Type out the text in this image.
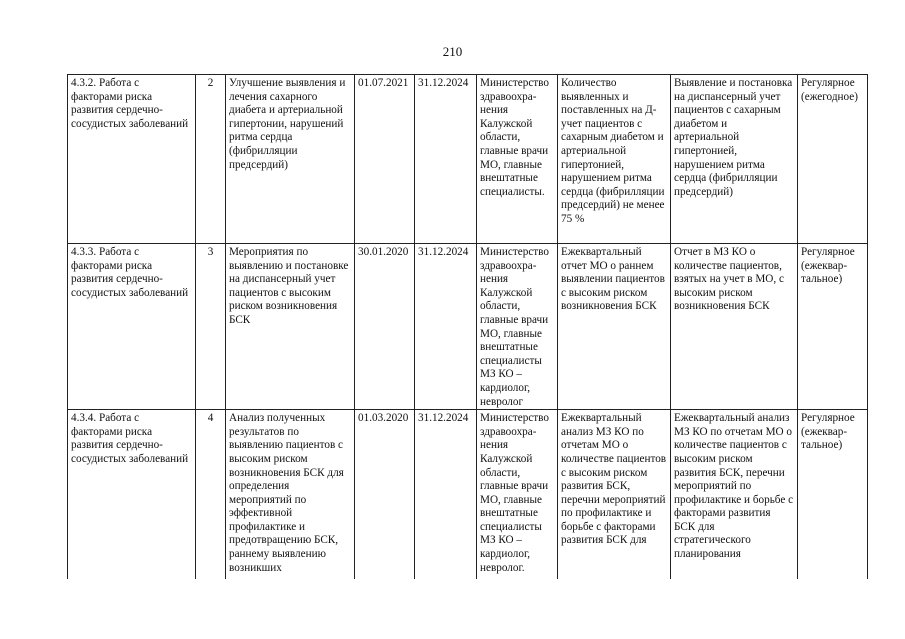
210
4.3.2. Работа с факторами риска развития сердечно-сосудистых заболеваний	2	Улучшение выявления и лечения сахарного диабета и артериальной гипертонии, нарушений ритма сердца (фибрилляции предсердий)	01.07.2021	31.12.2024	Министерство здравоохра-нения Калужской области, главные врачи МО, главные внештатные специалисты.	Количество выявленных и поставленных на Д-учет пациентов с сахарным диабетом и артериальной гипертонией, нарушением ритма сердца (фибрилляции предсердий) не менее 75 %	Выявление и постановка на диспансерный учет пациентов с сахарным диабетом и артериальной гипертонией, нарушением ритма сердца (фибрилляции предсердий)	Регулярное (ежегодное)
4.3.3. Работа с факторами риска развития сердечно-сосудистых заболеваний	3	Мероприятия по выявлению и постановке на диспансерный учет пациентов с высоким риском возникновения БСК	30.01.2020	31.12.2024	Министерство здравоохра-нения Калужской области, главные врачи МО, главные внештатные специалисты МЗ КО – кардиолог, невролог	Ежеквартальный отчет МО о раннем выявлении пациентов с высоким риском возникновения БСК	Отчет в МЗ КО о количестве пациентов, взятых на учет в МО, с высоким риском возникновения БСК	Регулярное (ежеквар-тальное)
4.3.4. Работа с факторами риска развития сердечно-сосудистых заболеваний	4	Анализ полученных результатов по выявлению пациентов с высоким риском возникновения БСК для определения мероприятий по эффективной профилактике и предотвращению БСК, раннему выявлению возникших	01.03.2020	31.12.2024	Министерство здравоохра-нения Калужской области, главные врачи МО, главные внештатные специалисты МЗ КО – кардиолог, невролог.	Ежеквартальный анализ МЗ КО по отчетам МО о количестве пациентов с высоким риском развития БСК, перечни мероприятий по профилактике и борьбе с факторами развития БСК для	Ежеквартальный анализ МЗ КО по отчетам МО о количестве пациентов с высоким риском развития БСК, перечни мероприятий по профилактике и борьбе с факторами развития БСК для стратегического планирования	Регулярное (ежеквар-тальное)
